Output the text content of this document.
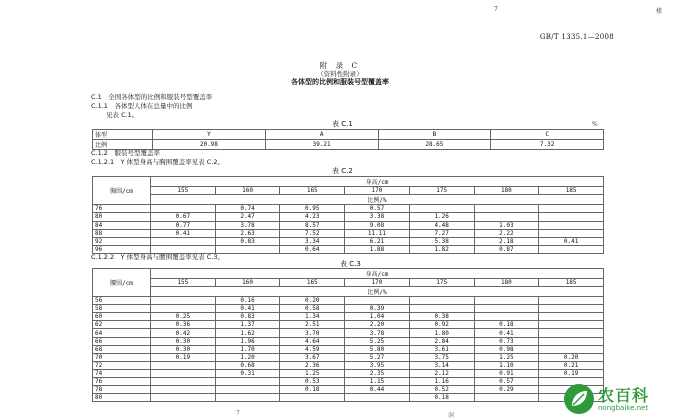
7	楼
GB/T 1335.1—2008
附 录 C
（资料性附录）
各体型的比例和服装号型覆盖率
C.1　全国各体型的比例和服装号型覆盖率
C.1.1　各体型人体在总量中的比例
见表 C.1。
表 C.1	%
体型	Y	A	B	C
比例	20.98	39.21	28.65	7.32
C.1.2　服装号型覆盖率
C.1.2.1　Y 体型身高与胸围覆盖率见表 C.2。
表 C.2
胸围/cm	身高/cm						
	155	160	165	170	175	180	185
	比例/%						
76		0.74	0.95	0.57			
80	0.67	2.47	4.23	3.38	1.26		
84	0.77	3.78	8.57	9.08	4.48	1.03	
88	0.41	2.63	7.52	11.11	7.27	2.22	
92		0.83	3.34	6.21	5.38	2.18	0.41
96			0.64	1.88	1.82	0.87	
C.1.2.2　Y 体型身高与腰围覆盖率见表 C.3。
表 C.3
腰围/cm	身高/cm						
	155	160	165	170	175	180	185
	比例/%						
56		0.16	0.20				
58		0.41	0.58	0.39			
60	0.25	0.83	1.34	1.04	0.38		
62	0.36	1.37	2.51	2.20	0.92	0.18	
64	0.42	1.62	3.70	3.78	1.80	0.41	
66	0.30	1.96	4.64	5.25	2.84	0.73	
68	0.30	1.70	4.59	5.80	3.61	0.98	
70	0.19	1.20	3.67	5.27	3.75	1.25	0.20
72		0.68	2.36	3.95	3.14	1.10	0.21
74		0.31	1.25	2.35	2.12	0.91	0.19
76			0.53	1.15	1.16	0.57	
78			0.18	0.44	0.52	0.29	
80					0.18		
7	洞
农百科
nongbaike.net
